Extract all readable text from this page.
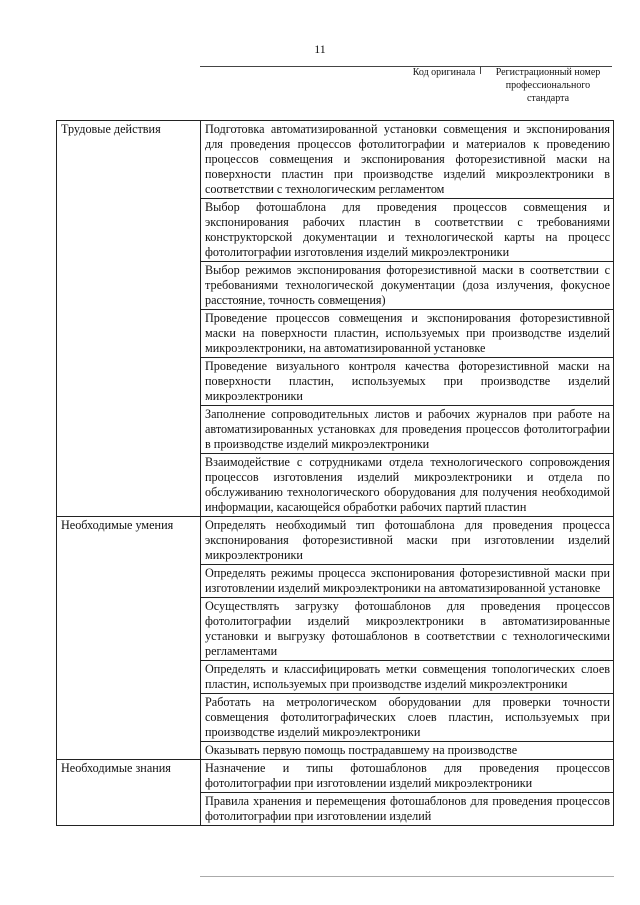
11
Код оригинала	Регистрационный номер профессионального стандарта
Трудовые действия	Подготовка автоматизированной установки совмещения и экспонирования для проведения процессов фотолитографии и материалов к проведению процессов совмещения и экспонирования фоторезистивной маски на поверхности пластин при производстве изделий микроэлектроники в соответствии с технологическим регламентом
	Выбор фотошаблона для проведения процессов совмещения и экспонирования рабочих пластин в соответствии с требованиями конструкторской документации и технологической карты на процесс фотолитографии изготовления изделий микроэлектроники
	Выбор режимов экспонирования фоторезистивной маски в соответствии с требованиями технологической документации (доза излучения, фокусное расстояние, точность совмещения)
	Проведение процессов совмещения и экспонирования фоторезистивной маски на поверхности пластин, используемых при производстве изделий микроэлектроники, на автоматизированной установке
	Проведение визуального контроля качества фоторезистивной маски на поверхности пластин, используемых при производстве изделий микроэлектроники
	Заполнение сопроводительных листов и рабочих журналов при работе на автоматизированных установках для проведения процессов фотолитографии в производстве изделий микроэлектроники
	Взаимодействие с сотрудниками отдела технологического сопровождения процессов изготовления изделий микроэлектроники и отдела по обслуживанию технологического оборудования для получения необходимой информации, касающейся обработки рабочих партий пластин
Необходимые умения	Определять необходимый тип фотошаблона для проведения процесса экспонирования фоторезистивной маски при изготовлении изделий микроэлектроники
	Определять режимы процесса экспонирования фоторезистивной маски при изготовлении изделий микроэлектроники на автоматизированной установке
	Осуществлять загрузку фотошаблонов для проведения процессов фотолитографии изделий микроэлектроники в автоматизированные установки и выгрузку фотошаблонов в соответствии с технологическими регламентами
	Определять и классифицировать метки совмещения топологических слоев пластин, используемых при производстве изделий микроэлектроники
	Работать на метрологическом оборудовании для проверки точности совмещения фотолитографических слоев пластин, используемых при производстве изделий микроэлектроники
	Оказывать первую помощь пострадавшему на производстве
Необходимые знания	Назначение и типы фотошаблонов для проведения процессов фотолитографии при изготовлении изделий микроэлектроники
	Правила хранения и перемещения фотошаблонов для проведения процессов фотолитографии при изготовлении изделий
